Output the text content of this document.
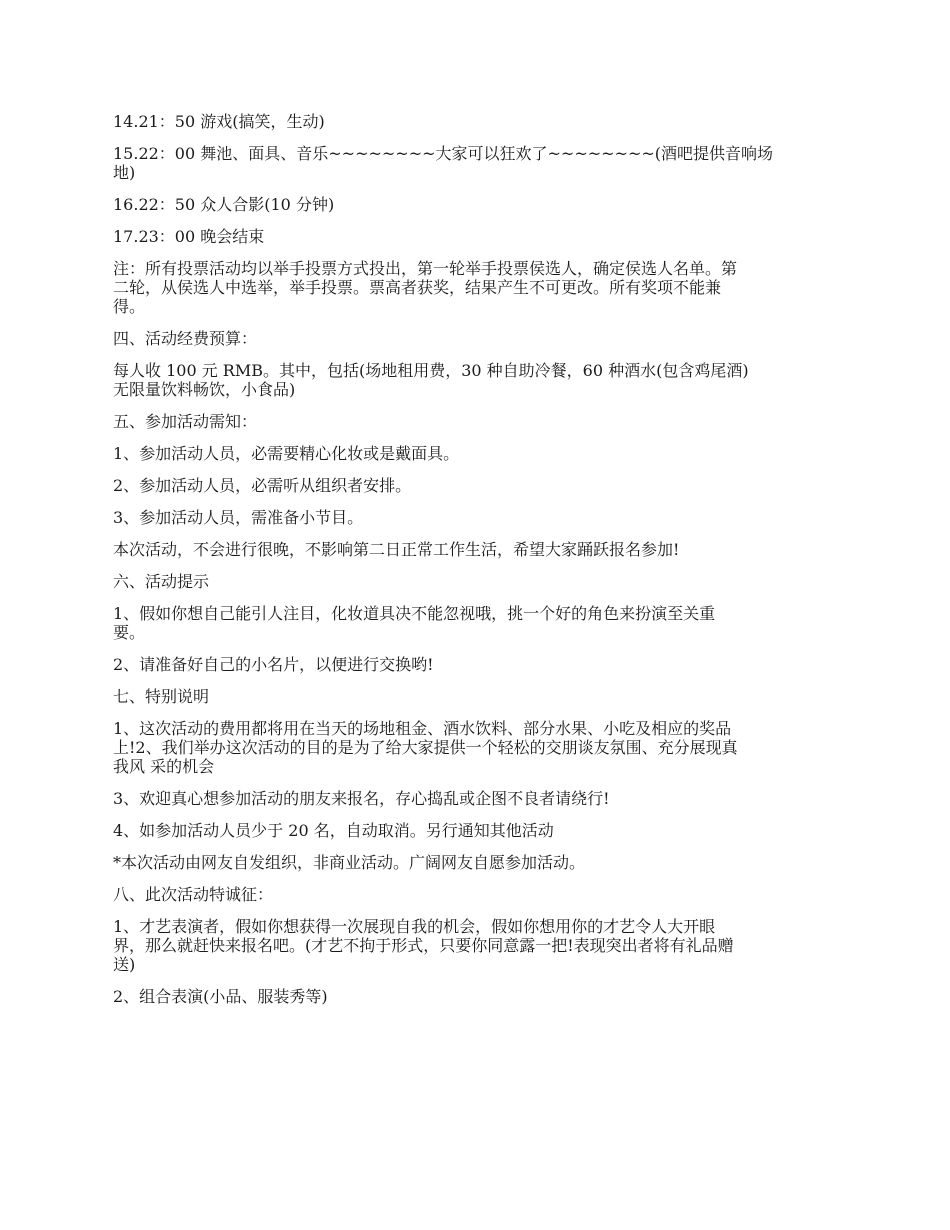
14.21：50 游戏(搞笑，生动)

15.22：00 舞池、面具、音乐~~~~~~~~大家可以狂欢了~~~~~~~~(酒吧提供音响场
地)

16.22：50 众人合影(10 分钟)

17.23：00 晚会结束

注：所有投票活动均以举手投票方式投出，第一轮举手投票侯选人，确定侯选人名单。第
二轮，从侯选人中选举，举手投票。票高者获奖，结果产生不可更改。所有奖项不能兼
得。

四、活动经费预算：

每人收 100 元 RMB。其中，包括(场地租用费，30 种自助冷餐，60 种酒水(包含鸡尾酒)
无限量饮料畅饮，小食品)

五、参加活动需知：

1、参加活动人员，必需要精心化妆或是戴面具。

2、参加活动人员，必需听从组织者安排。

3、参加活动人员，需准备小节目。

本次活动，不会进行很晚，不影响第二日正常工作生活，希望大家踊跃报名参加!

六、活动提示

1、假如你想自己能引人注目，化妆道具决不能忽视哦，挑一个好的角色来扮演至关重
要。

2、请准备好自己的小名片，以便进行交换哟!

七、特别说明

1、这次活动的费用都将用在当天的场地租金、酒水饮料、部分水果、小吃及相应的奖品
上!2、我们举办这次活动的目的是为了给大家提供一个轻松的交朋谈友氛围、充分展现真
我风 采的机会

3、欢迎真心想参加活动的朋友来报名，存心捣乱或企图不良者请绕行!

4、如参加活动人员少于 20 名，自动取消。另行通知其他活动

*本次活动由网友自发组织，非商业活动。广阔网友自愿参加活动。

八、此次活动特诚征：

1、才艺表演者，假如你想获得一次展现自我的机会，假如你想用你的才艺令人大开眼
界，那么就赶快来报名吧。(才艺不拘于形式，只要你同意露一把!表现突出者将有礼品赠
送)

2、组合表演(小品、服装秀等)
